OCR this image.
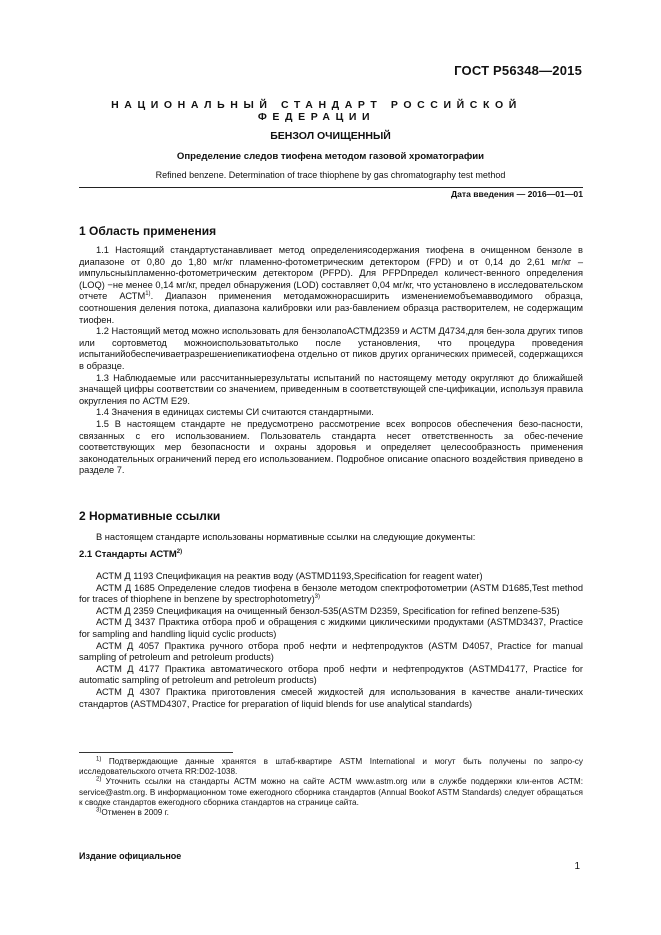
ГОСТ Р56348—2015
НАЦИОНАЛЬНЫЙ СТАНДАРТ РОССИЙСКОЙ ФЕДЕРАЦИИ
БЕНЗОЛ ОЧИЩЕННЫЙ
Определение следов тиофена методом газовой хроматографии
Refined benzene. Determination of trace thiophene by gas chromatography test method
Дата введения — 2016—01—01
1 Область применения

1.1 Настоящий стандартустанавливает метод определениясодержания тиофена в очищенном бензоле в диапазоне от 0,80 до 1,80 мг/кг пламенно-фотометрическим детектором (FPD) и от 0,14 до 2,61 мг/кг – импульсныมпламенно-фотометрическим детектором (PFPD). Для PFPDпредел количест-венного определения (LOQ) −не менее 0,14 мг/кг, предел обнаружения (LOD) составляет 0,04 мг/кг, что установлено в исследовательском отчете АСТМ$^{1)}$. Диапазон применения методаможнорасширить изменениемобъемавводимого образца, соотношения деления потока, диапазона калибровки или раз-бавлением образца растворителем, не содержащим тиофен.

1.2 Настоящий метод можно использовать для бензолапоАСТМД2359 и АСТМ Д4734,для бен-зола других типов или сортовметод можноиспользоватьтолько после установления, что процедура проведения испытанийобеспечиваетразрешениепикатиофена отдельно от пиков других органических примесей, содержащихся в образце.

1.3 Наблюдаемые или рассчитанныерезультаты испытаний по настоящему методу округляют до ближайшей значащей цифры соответствии со значением, приведенным в соответствующей спе-цификации, используя правила округления по АСТМ E29.

1.4 Значения в единицах системы СИ считаются стандартными.

1.5 В настоящем стандарте не предусмотрено рассмотрение всех вопросов обеспечения безо-пасности, связанных с его использованием. Пользователь стандарта несет ответственность за обес-печение соответствующих мер безопасности и охраны здоровья и определяет целесообразность применения законодательных ограничений перед его использованием. Подробное описание опасного воздействия приведено в разделе 7.

2 Нормативные ссылки

В настоящем стандарте использованы нормативные ссылки на следующие документы:

2.1 Стандарты АСТМ$^{2)}$

АСТМ Д 1193 Спецификация на реактив воду (ASTMD1193,Specification for reagent water)

АСТМ Д 1685 Определение следов тиофена в бензоле методом спектрофотометрии (ASTM D1685,Test method for traces of thiophene in benzene by spectrophotometry)$^{3)}$

АСТМ Д 2359 Спецификация на очищенный бензол-535(ASTM D2359, Specification for refined benzene-535)

АСТМ Д 3437 Практика отбора проб и обращения с жидкими циклическими продуктами (ASTMD3437, Practice for sampling and handling liquid cyclic products)

АСТМ Д 4057 Практика ручного отбора проб нефти и нефтепродуктов (ASTM D4057, Practice for manual sampling of petroleum and petroleum products)

АСТМ Д 4177 Практика автоматического отбора проб нефти и нефтепродуктов (ASTMD4177, Practice for automatic sampling of petroleum and petroleum products)

АСТМ Д 4307 Практика приготовления смесей жидкостей для использования в качестве анали-тических стандартов (ASTMD4307, Practice for preparation of liquid blends for use analytical standards)

$^{1)}$ Подтверждающие данные хранятся в штаб-квартире ASTM International и могут быть получены по запро-су исследовательского отчета RR:D02-1038.

$^{2)}$ Уточнить ссылки на стандарты АСТМ можно на сайте АСТМ www.astm.org или в службе поддержки кли-ентов АСТМ: service@astm.org. В информационном томе ежегодного сборника стандартов (Annual Bookof ASTM Standards) следует обращаться к сводке стандартов ежегодного сборника стандартов на странице сайта.

$^{3)}$Отменен в 2009 г.

Издание официальное
1
